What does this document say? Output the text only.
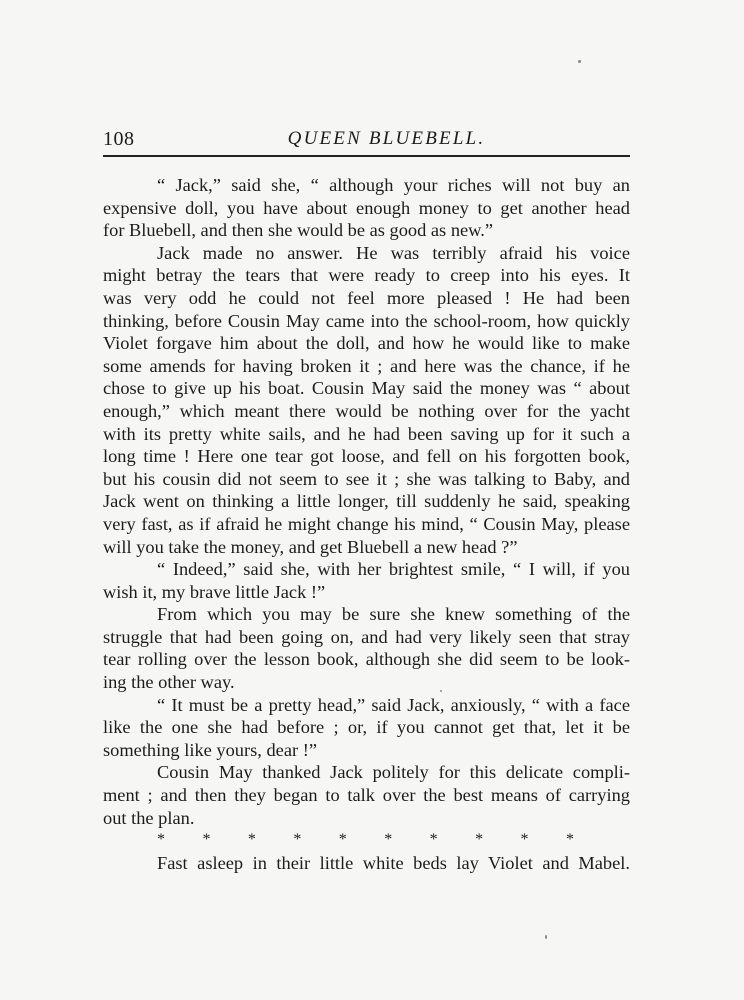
108	QUEEN BLUEBELL.
“ Jack,” said she, “ although your riches will not buy an
expensive doll, you have about enough money to get another head
for Bluebell, and then she would be as good as new.”
Jack made no answer. He was terribly afraid his voice
might betray the tears that were ready to creep into his eyes. It
was very odd he could not feel more pleased ! He had been
thinking, before Cousin May came into the school-room, how quickly
Violet forgave him about the doll, and how he would like to make
some amends for having broken it ; and here was the chance, if he
chose to give up his boat. Cousin May said the money was “ about
enough,” which meant there would be nothing over for the yacht
with its pretty white sails, and he had been saving up for it such a
long time ! Here one tear got loose, and fell on his forgotten book,
but his cousin did not seem to see it ; she was talking to Baby, and
Jack went on thinking a little longer, till suddenly he said, speaking
very fast, as if afraid he might change his mind, “ Cousin May, please
will you take the money, and get Bluebell a new head ?”
“ Indeed,” said she, with her brightest smile, “ I will, if you
wish it, my brave little Jack !”
From which you may be sure she knew something of the
struggle that had been going on, and had very likely seen that stray
tear rolling over the lesson book, although she did seem to be look-
ing the other way.
“ It must be a pretty head,” said Jack, anxiously, “ with a face
like the one she had before ; or, if you cannot get that, let it be
something like yours, dear !”
Cousin May thanked Jack politely for this delicate compli-
ment ; and then they began to talk over the best means of carrying
out the plan.
* * * * * * * * * *
Fast asleep in their little white beds lay Violet and Mabel.
